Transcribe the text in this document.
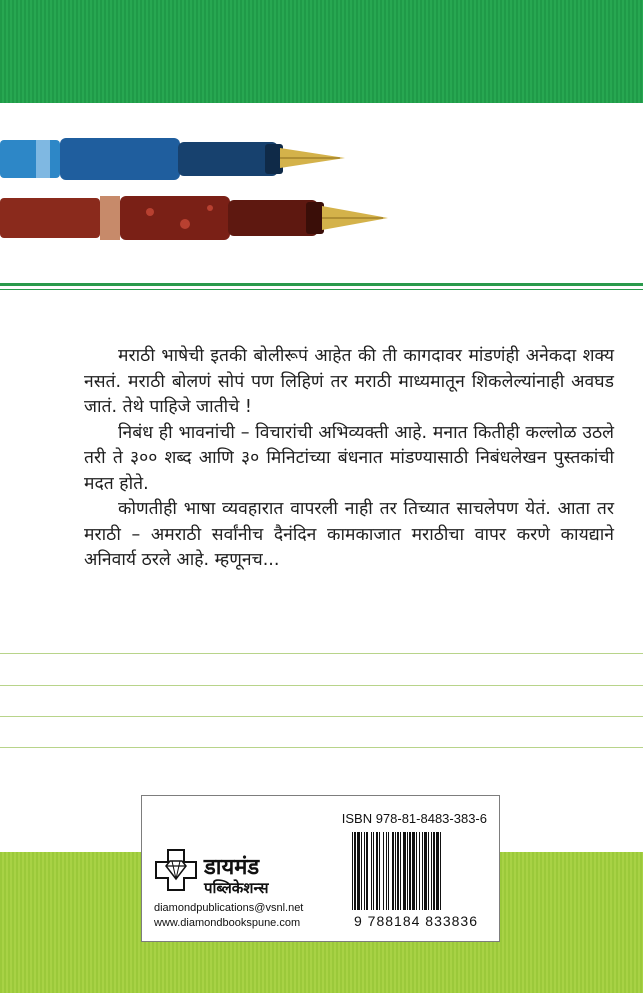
मराठी भाषेची इतकी बोलीरूपं आहेत की ती कागदावर मांडणंही अनेकदा शक्य नसतं. मराठी बोलणं सोपं पण लिहिणं तर मराठी माध्यमातून शिकलेल्यांनाही अवघड जातं. तेथे पाहिजे जातीचे !

निबंध ही भावनांची – विचारांची अभिव्यक्ती आहे. मनात कितीही कल्लोळ उठले तरी ते ३०० शब्द आणि ३० मिनिटांच्या बंधनात मांडण्यासाठी निबंधलेखन पुस्तकांची मदत होते.

कोणतीही भाषा व्यवहारात वापरली नाही तर तिच्यात साचलेपण येतं. आता तर मराठी – अमराठी सर्वांनीच दैनंदिन कामकाजात मराठीचा वापर करणे कायद्याने अनिवार्य ठरले आहे. म्हणूनच...

ISBN 978-81-8483-383-6
9 788184 833836
डायमंड
पब्लिकेशन्स
diamondpublications@vsnl.net
www.diamondbookspune.com
